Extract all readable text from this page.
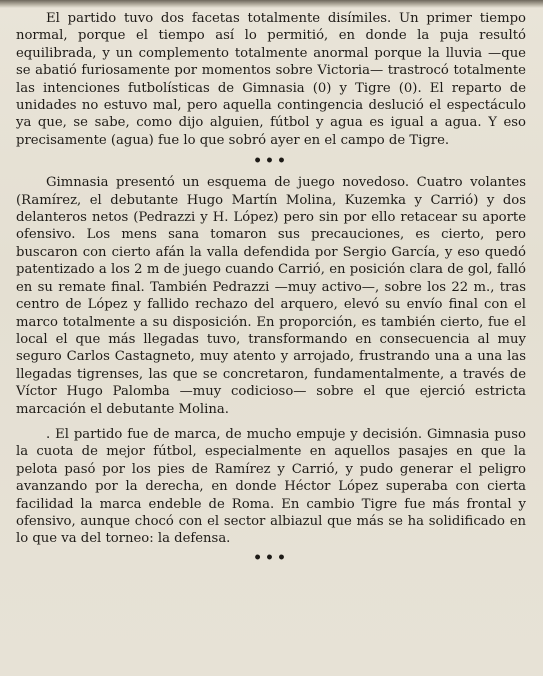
El partido tuvo dos facetas totalmente disímiles. Un primer tiempo normal, porque el tiempo así lo permitió, en donde la puja resultó equilibrada, y un complemento totalmente anormal porque la lluvia —que se abatió furiosamente por momentos sobre Victoria— trastrocó totalmente las intenciones futbolísticas de Gimnasia (0) y Tigre (0). El reparto de unidades no estuvo mal, pero aquella contingencia deslució el espectáculo ya que, se sabe, como dijo alguien, fútbol y agua es igual a agua. Y eso precisamente (agua) fue lo que sobró ayer en el campo de Tigre.

•••

Gimnasia presentó un esquema de juego novedoso. Cuatro volantes (Ramírez, el debutante Hugo Martín Molina, Kuzemka y Carrió) y dos delanteros netos (Pedrazzi y H. López) pero sin por ello retacear su aporte ofensivo. Los mens sana tomaron sus precauciones, es cierto, pero buscaron con cierto afán la valla defendida por Sergio García, y eso quedó patentizado a los 2 m de juego cuando Carrió, en posición clara de gol, falló en su remate final. También Pedrazzi —muy activo—, sobre los 22 m., tras centro de López y fallido rechazo del arquero, elevó su envío final con el marco totalmente a su disposición. En proporción, es también cierto, fue el local el que más llegadas tuvo, transformando en consecuencia al muy seguro Carlos Castagneto, muy atento y arrojado, frustrando una a una las llegadas tigrenses, las que se concretaron, fundamentalmente, a través de Víctor Hugo Palomba —muy codicioso— sobre el que ejerció estricta marcación el debutante Molina.

. El partido fue de marca, de mucho empuje y decisión. Gimnasia puso la cuota de mejor fútbol, especialmente en aquellos pasajes en que la pelota pasó por los pies de Ramírez y Carrió, y pudo generar el peligro avanzando por la derecha, en donde Héctor López superaba con cierta facilidad la marca endeble de Roma. En cambio Tigre fue más frontal y ofensivo, aunque chocó con el sector albiazul que más se ha solidificado en lo que va del torneo: la defensa.

•••
